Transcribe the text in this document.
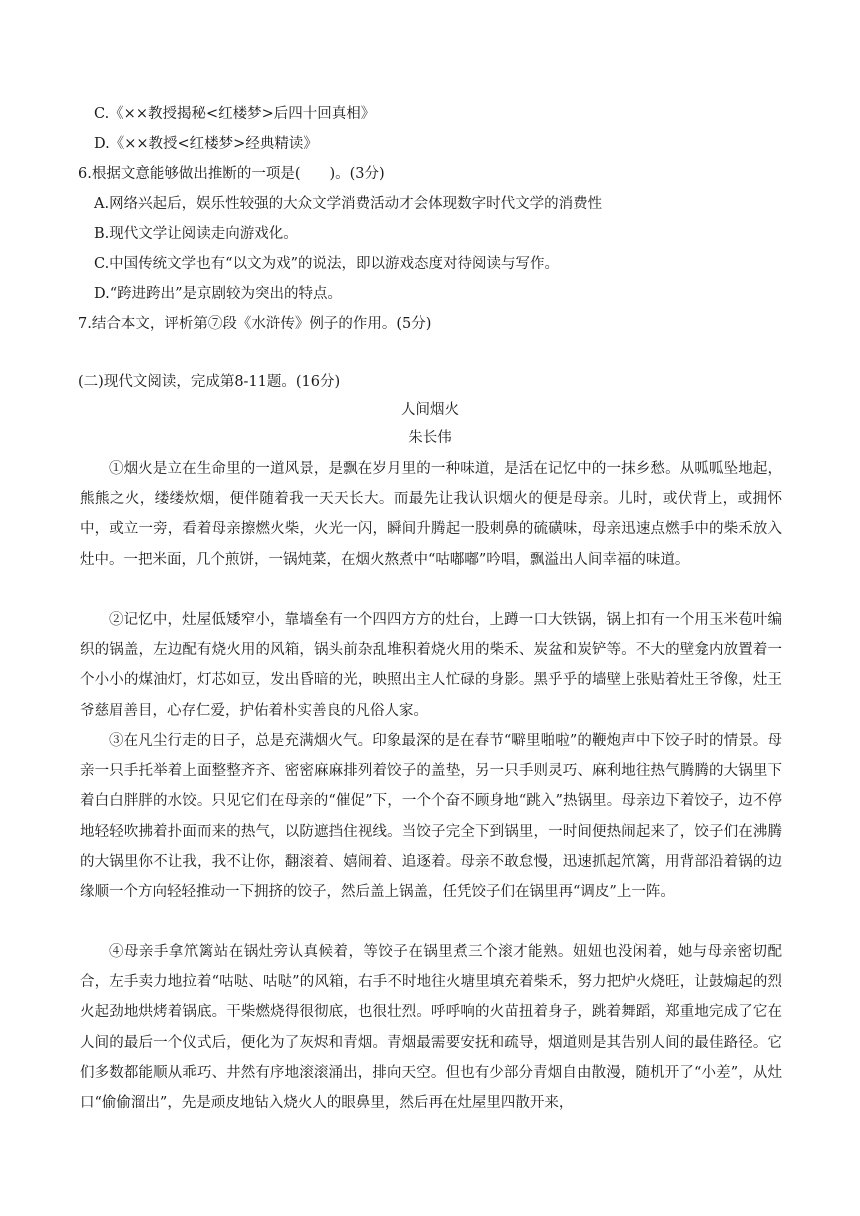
C.《××教授揭秘<红楼梦>后四十回真相》
D.《××教授<红楼梦>经典精读》
6.根据文意能够做出推断的一项是(　　)。(3分)
A.网络兴起后，娱乐性较强的大众文学消费活动才会体现数字时代文学的消费性
B.现代文学让阅读走向游戏化。
C.中国传统文学也有“以文为戏”的说法，即以游戏态度对待阅读与写作。
D.“跨进跨出”是京剧较为突出的特点。
7.结合本文，评析第⑦段《水浒传》例子的作用。(5分)
(二)现代文阅读，完成第8-11题。(16分)
人间烟火
朱长伟

①烟火是立在生命里的一道风景，是飘在岁月里的一种味道，是活在记忆中的一抹乡愁。从呱呱坠地起，熊熊之火，缕缕炊烟，便伴随着我一天天长大。而最先让我认识烟火的便是母亲。儿时，或伏背上，或拥怀中，或立一旁，看着母亲擦燃火柴，火光一闪，瞬间升腾起一股刺鼻的硫磺味，母亲迅速点燃手中的柴禾放入灶中。一把米面，几个煎饼，一锅炖菜，在烟火熬煮中“咕嘟嘟”吟唱，飘溢出人间幸福的味道。

②记忆中，灶屋低矮窄小，靠墙垒有一个四四方方的灶台，上蹲一口大铁锅，锅上扣有一个用玉米苞叶编织的锅盖，左边配有烧火用的风箱，锅头前杂乱堆积着烧火用的柴禾、炭盆和炭铲等。不大的壁龛内放置着一个小小的煤油灯，灯芯如豆，发出昏暗的光，映照出主人忙碌的身影。黑乎乎的墙壁上张贴着灶王爷像，灶王爷慈眉善目，心存仁爱，护佑着朴实善良的凡俗人家。

③在凡尘行走的日子，总是充满烟火气。印象最深的是在春节“噼里啪啦”的鞭炮声中下饺子时的情景。母亲一只手托举着上面整整齐齐、密密麻麻排列着饺子的盖垫，另一只手则灵巧、麻利地往热气腾腾的大锅里下着白白胖胖的水饺。只见它们在母亲的“催促”下，一个个奋不顾身地“跳入”热锅里。母亲边下着饺子，边不停地轻轻吹拂着扑面而来的热气，以防遮挡住视线。当饺子完全下到锅里，一时间便热闹起来了，饺子们在沸腾的大锅里你不让我，我不让你，翻滚着、嬉闹着、追逐着。母亲不敢怠慢，迅速抓起笊篱，用背部沿着锅的边缘顺一个方向轻轻推动一下拥挤的饺子，然后盖上锅盖，任凭饺子们在锅里再“调皮”上一阵。

④母亲手拿笊篱站在锅灶旁认真候着，等饺子在锅里煮三个滚才能熟。妞妞也没闲着，她与母亲密切配合，左手卖力地拉着“咕哒、咕哒”的风箱，右手不时地往火塘里填充着柴禾，努力把炉火烧旺，让鼓煽起的烈火起劲地烘烤着锅底。干柴燃烧得很彻底，也很壮烈。呼呼响的火苗扭着身子，跳着舞蹈，郑重地完成了它在人间的最后一个仪式后，便化为了灰烬和青烟。青烟最需要安抚和疏导，烟道则是其告别人间的最佳路径。它们多数都能顺从乖巧、井然有序地滚滚涌出，排向天空。但也有少部分青烟自由散漫，随机开了“小差”，从灶口“偷偷溜出”，先是顽皮地钻入烧火人的眼鼻里，然后再在灶屋里四散开来，
